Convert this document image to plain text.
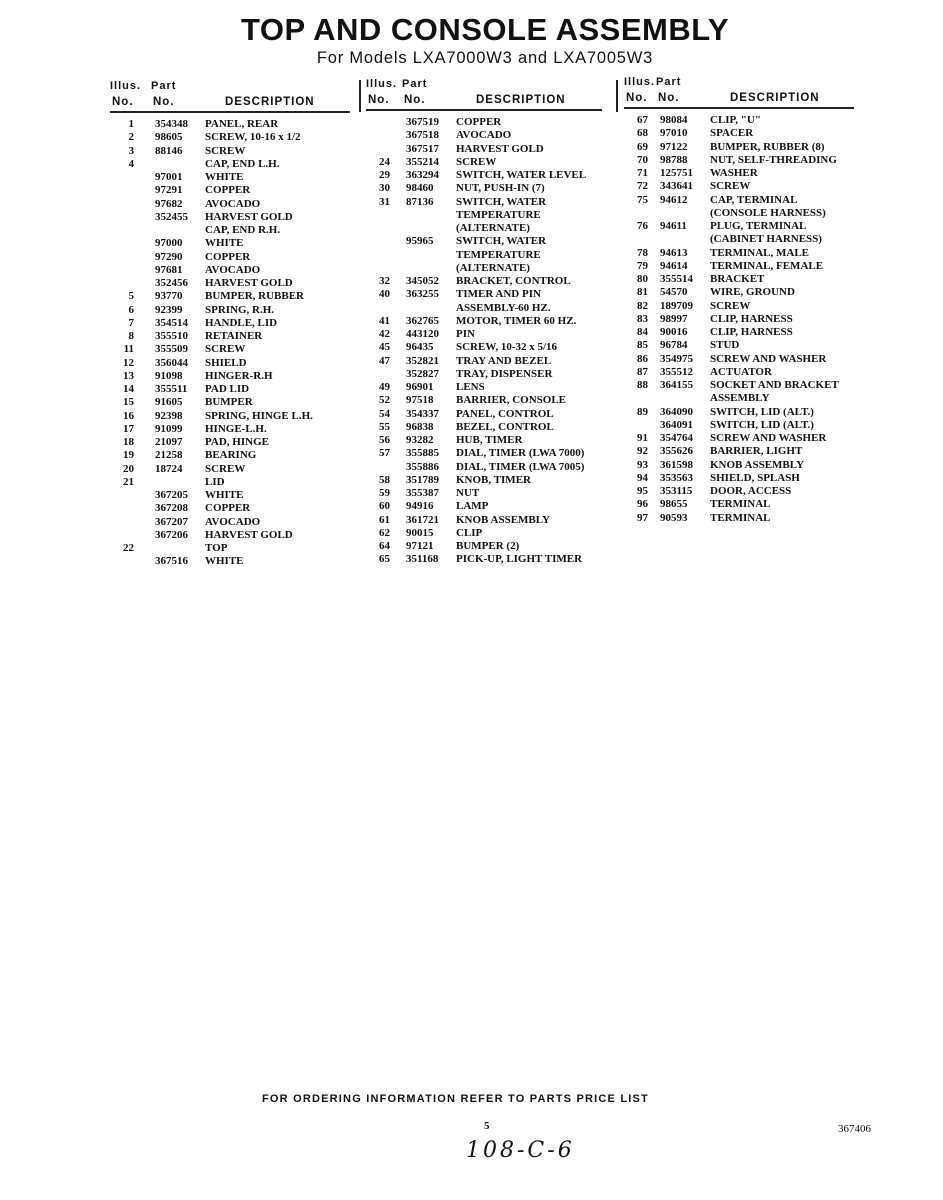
TOP AND CONSOLE ASSEMBLY
For Models LXA7000W3 and LXA7005W3
Illus. Part
No. No.	DESCRIPTION
1 354348 PANEL, REAR
2 98605 SCREW, 10-16 x 1/2
3 88146 SCREW
4	CAP, END L.H.
97001 WHITE
97291 COPPER
97682 AVOCADO
352455 HARVEST GOLD
CAP, END R.H.
97000 WHITE
97290 COPPER
97681 AVOCADO
352456 HARVEST GOLD
5 93770 BUMPER, RUBBER
6 92399 SPRING, R.H.
7 354514 HANDLE, LID
8 355510 RETAINER
11 355509 SCREW
12 356044 SHIELD
13 91098 HINGER-R.H
14 355511 PAD LID
15 91605 BUMPER
16 92398 SPRING, HINGE L.H.
17 91099 HINGE-L.H.
18 21097 PAD, HINGE
19 21258 BEARING
20 18724 SCREW
21	LID
367205 WHITE
367208 COPPER
367207 AVOCADO
367206 HARVEST GOLD
22	TOP
367516 WHITE
Illus. Part
No. No.	DESCRIPTION
367519 COPPER
367518 AVOCADO
367517 HARVEST GOLD
24 355214 SCREW
29 363294 SWITCH, WATER LEVEL
30 98460 NUT, PUSH-IN (7)
31 87136 SWITCH, WATER
TEMPERATURE
(ALTERNATE)
95965 SWITCH, WATER
TEMPERATURE
(ALTERNATE)
32 345052 BRACKET, CONTROL
40 363255 TIMER AND PIN
ASSEMBLY-60 HZ.
41 362765 MOTOR, TIMER 60 HZ.
42 443120 PIN
45 96435 SCREW, 10-32 x 5/16
47 352821 TRAY AND BEZEL
352827 TRAY, DISPENSER
49 96901 LENS
52 97518 BARRIER, CONSOLE
54 354337 PANEL, CONTROL
55 96838 BEZEL, CONTROL
56 93282 HUB, TIMER
57 355885 DIAL, TIMER (LWA 7000)
355886 DIAL, TIMER (LWA 7005)
58 351789 KNOB, TIMER
59 355387 NUT
60 94916 LAMP
61 361721 KNOB ASSEMBLY
62 90015 CLIP
64 97121 BUMPER (2)
65 351168 PICK-UP, LIGHT TIMER
Illus. Part
No. No.	DESCRIPTION
67 98084 CLIP, "U"
68 97010 SPACER
69 97122 BUMPER, RUBBER (8)
70 98788 NUT, SELF-THREADING
71 125751 WASHER
72 343641 SCREW
75 94612 CAP, TERMINAL
(CONSOLE HARNESS)
76 94611 PLUG, TERMINAL
(CABINET HARNESS)
78 94613 TERMINAL, MALE
79 94614 TERMINAL, FEMALE
80 355514 BRACKET
81 54570 WIRE, GROUND
82 189709 SCREW
83 98997 CLIP, HARNESS
84 90016 CLIP, HARNESS
85 96784 STUD
86 354975 SCREW AND WASHER
87 355512 ACTUATOR
88 364155 SOCKET AND BRACKET
ASSEMBLY
89 364090 SWITCH, LID (ALT.)
364091 SWITCH, LID (ALT.)
91 354764 SCREW AND WASHER
92 355626 BARRIER, LIGHT
93 361598 KNOB ASSEMBLY
94 353563 SHIELD, SPLASH
95 353115 DOOR, ACCESS
96 98655 TERMINAL
97 90593 TERMINAL
FOR ORDERING INFORMATION REFER TO PARTS PRICE LIST
5	367406
108-C-6
